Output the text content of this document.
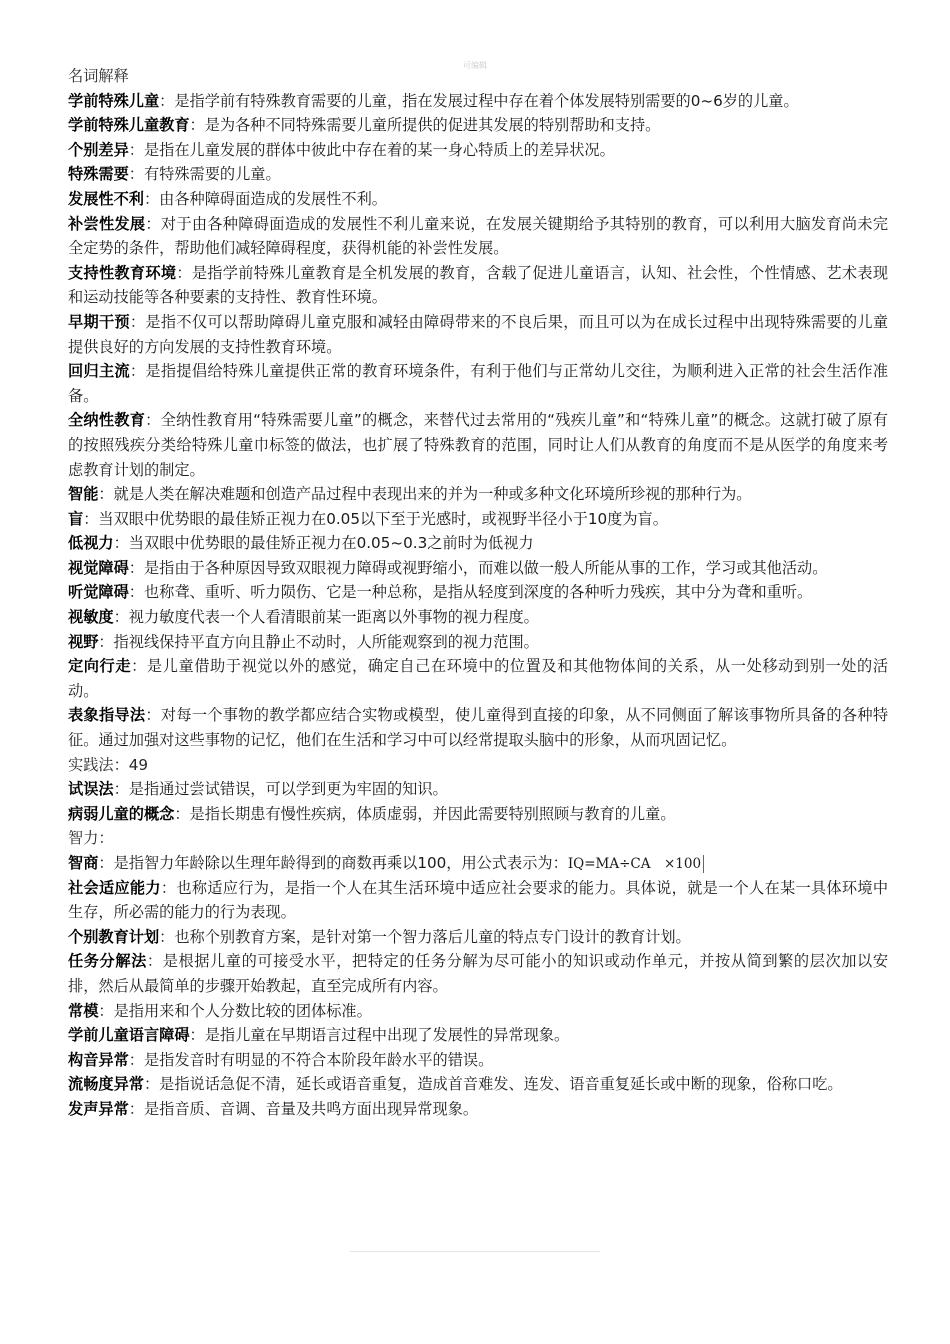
可编辑

名词解释

学前特殊儿童：是指学前有特殊教育需要的儿童，指在发展过程中存在着个体发展特别需要的0~6岁的儿童。

学前特殊儿童教育：是为各种不同特殊需要儿童所提供的促进其发展的特别帮助和支持。

个别差异：是指在儿童发展的群体中彼此中存在着的某一身心特质上的差异状况。

特殊需要：有特殊需要的儿童。

发展性不利：由各种障碍面造成的发展性不利。

补尝性发展：对于由各种障碍面造成的发展性不利儿童来说，在发展关键期给予其特别的教育，可以利用大脑发育尚未完全定势的条件，帮助他们减轻障碍程度，获得机能的补尝性发展。

支持性教育环境：是指学前特殊儿童教育是全机发展的教育，含载了促进儿童语言，认知、社会性，个性情感、艺术表现和运动技能等各种要素的支持性、教育性环境。

早期干预：是指不仅可以帮助障碍儿童克服和减轻由障碍带来的不良后果，而且可以为在成长过程中出现特殊需要的儿童提供良好的方向发展的支持性教育环境。

回归主流：是指提倡给特殊儿童提供正常的教育环境条件，有利于他们与正常幼儿交往，为顺利进入正常的社会生活作准备。

全纳性教育：全纳性教育用“特殊需要儿童”的概念，来替代过去常用的“残疾儿童”和“特殊儿童”的概念。这就打破了原有的按照残疾分类给特殊儿童巾标签的做法，也扩展了特殊教育的范围，同时让人们从教育的角度而不是从医学的角度来考虑教育计划的制定。

智能：就是人类在解决难题和创造产品过程中表现出来的并为一种或多种文化环境所珍视的那种行为。

盲：当双眼中优势眼的最佳矫正视力在0.05以下至于光感时，或视野半径小于10度为盲。

低视力：当双眼中优势眼的最佳矫正视力在0.05~0.3之前时为低视力

视觉障碍：是指由于各种原因导致双眼视力障碍或视野缩小，而难以做一般人所能从事的工作，学习或其他活动。

听觉障碍：也称聋、重听、听力陨伤、它是一种总称，是指从轻度到深度的各种听力残疾，其中分为聋和重听。

视敏度：视力敏度代表一个人看清眼前某一距离以外事物的视力程度。

视野：指视线保持平直方向且静止不动时，人所能观察到的视力范围。

定向行走：是儿童借助于视觉以外的感觉，确定自己在环境中的位置及和其他物体间的关系，从一处移动到别一处的活动。

表象指导法：对每一个事物的教学都应结合实物或模型，使儿童得到直接的印象，从不同侧面了解该事物所具备的各种特征。通过加强对这些事物的记忆，他们在生活和学习中可以经常提取头脑中的形象，从而巩固记忆。

实践法：49

试误法：是指通过尝试错误，可以学到更为牢固的知识。

病弱儿童的概念：是指长期患有慢性疾病，体质虚弱，并因此需要特别照顾与教育的儿童。

智力：

智商：是指智力年龄除以生理年龄得到的商数再乘以100，用公式表示为：IQ=MA÷CA　×100

社会适应能力：也称适应行为，是指一个人在其生活环境中适应社会要求的能力。具体说，就是一个人在某一具体环境中生存，所必需的能力的行为表现。

个别教育计划：也称个别教育方案，是针对第一个智力落后儿童的特点专门设计的教育计划。

任务分解法：是根据儿童的可接受水平，把特定的任务分解为尽可能小的知识或动作单元，并按从简到繁的层次加以安排，然后从最简单的步骤开始教起，直至完成所有内容。

常模：是指用来和个人分数比较的团体标准。

学前儿童语言障碍：是指儿童在早期语言过程中出现了发展性的异常现象。

构音异常：是指发音时有明显的不符合本阶段年龄水平的错误。

流畅度异常：是指说话急促不清，延长或语音重复，造成首音难发、连发、语音重复延长或中断的现象，俗称口吃。

发声异常：是指音质、音调、音量及共鸣方面出现异常现象。
